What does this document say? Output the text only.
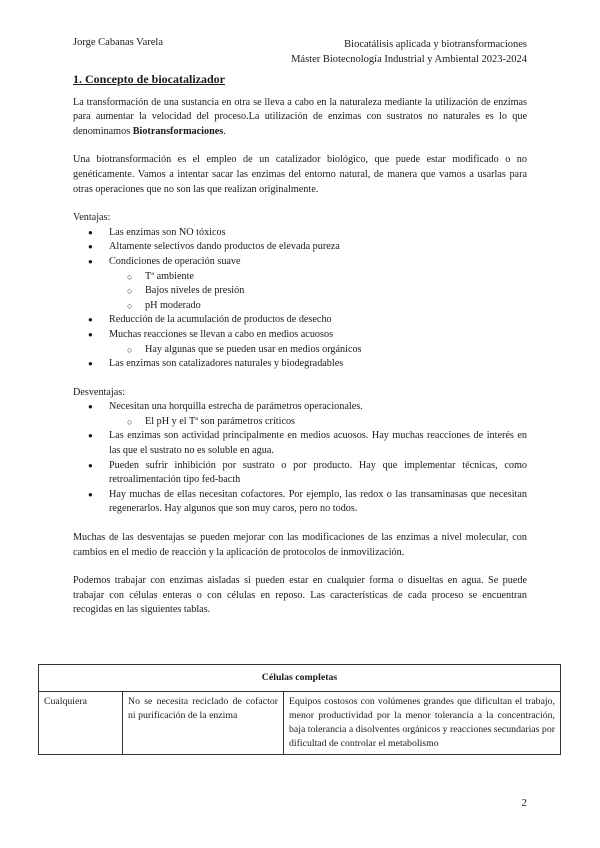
Jorge Cabanas Varela	Biocatálisis aplicada y biotransformaciones
Máster Biotecnología Industrial y Ambiental 2023-2024
1. Concepto de biocatalizador

La transformación de una sustancia en otra se lleva a cabo en la naturaleza mediante la utilización de enzimas para aumentar la velocidad del proceso.La utilización de enzimas con sustratos no naturales es lo que denominamos Biotransformaciones.

Una biotransformación es el empleo de un catalizador biológico, que puede estar modificado o no genéticamente. Vamos a intentar sacar las enzimas del entorno natural, de manera que vamos a usarlas para otras operaciones que no son las que realizan originalmente.

Ventajas:
● Las enzimas son NO tóxicos
● Altamente selectivos dando productos de elevada pureza
● Condiciones de operación suave
○ Tª ambiente
○ Bajos niveles de presión
○ pH moderado
● Reducción de la acumulación de productos de desecho
● Muchas reacciones se llevan a cabo en medios acuosos
○ Hay algunas que se pueden usar en medios orgánicos
● Las enzimas son catalizadores naturales y biodegradables
Desventajas:
● Necesitan una horquilla estrecha de parámetros operacionales.
○ El pH y el Tª son parámetros críticos
● Las enzimas son actividad principalmente en medios acuosos. Hay muchas reacciones de interés en las que el sustrato no es soluble en agua.
● Pueden sufrir inhibición por sustrato o por producto. Hay que implementar técnicas, como retroalimentación tipo fed-bacth
● Hay muchas de ellas necesitan cofactores. Por ejemplo, las redox o las transaminasas que necesitan regenerarlos. Hay algunos que son muy caros, pero no todos.

Muchas de las desventajas se pueden mejorar con las modificaciones de las enzimas a nivel molecular, con cambios en el medio de reacción y la aplicación de protocolos de inmovilización.

Podemos trabajar con enzimas aisladas si pueden estar en cualquier forma o disueltas en agua. Se puede trabajar con células enteras o con células en reposo. Las características de cada proceso se encuentran recogidas en las siguientes tablas.

Células completas
Cualquiera	No se necesita reciclado de cofactor ni purificación de la enzima	Equipos costosos con volúmenes grandes que dificultan el trabajo, menor productividad por la menor tolerancia a la concentración, baja tolerancia a disolventes orgánicos y reacciones secundarias por dificultad de controlar el metabolismo
2
